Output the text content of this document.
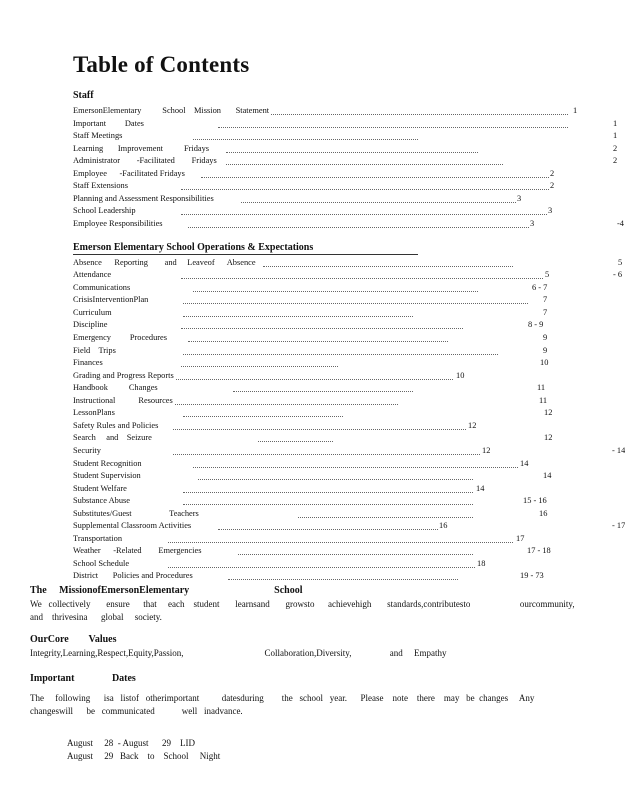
Table of Contents
Staff
EmersonElementary          School    Mission       Statement	1
Important         Dates	1
Staff Meetings	1
Learning       Improvement          Fridays	2
Administrator        -Facilitated        Fridays	2
Employee      -Facilitated Fridays	2
Staff Extensions	2
Planning and Assessment Responsibilities	3
School Leadership	3
Employee Responsibilities	3	-4
Emerson Elementary School Operations & Expectations
Absence      Reporting        and     Leaveof      Absence	5
Attendance	5	- 6
Communications	6 - 7
CrisisInterventionPlan	7
Curriculum	7
Discipline	8 - 9
Emergency         Procedures	9
Field    Trips	9
Finances	10
Grading and Progress Reports	10
Handbook          Changes	11
Instructional           Resources	11
LessonPlans	12
Safety Rules and Policies	12
Search     and    Seizure	12
Security	12	- 14
Student Recognition	14
Student Supervision	14
Student Welfare	14
Substance Abuse	15 - 16
Substitutes/Guest                  Teachers	16
Supplemental Classroom Activities	16	- 17
Transportation	17
Weather      -Related        Emergencies	17 - 18
School Schedule	18
District       Policies and Procedures	19 - 73
The     MissionofEmersonElementary                                  School
We   collectively       ensure      that     each    student       learnsand       growsto      achievehigh       standards,contributesto                      ourcommunity,
and    thrivesina      global     society.
OurCore        Values
Integrity,Learning,Respect,Equity,Passion,                                    Collaboration,Diversity,                 and     Empathy
Important               Dates
The     following      isa   listof   otherimportant          datesduring        the   school   year.      Please    note    there    may   be  changes     Any
changeswill      be   communicated            well   inadvance.
August     28  - August      29    LID
August     29   Back    to    School     Night
